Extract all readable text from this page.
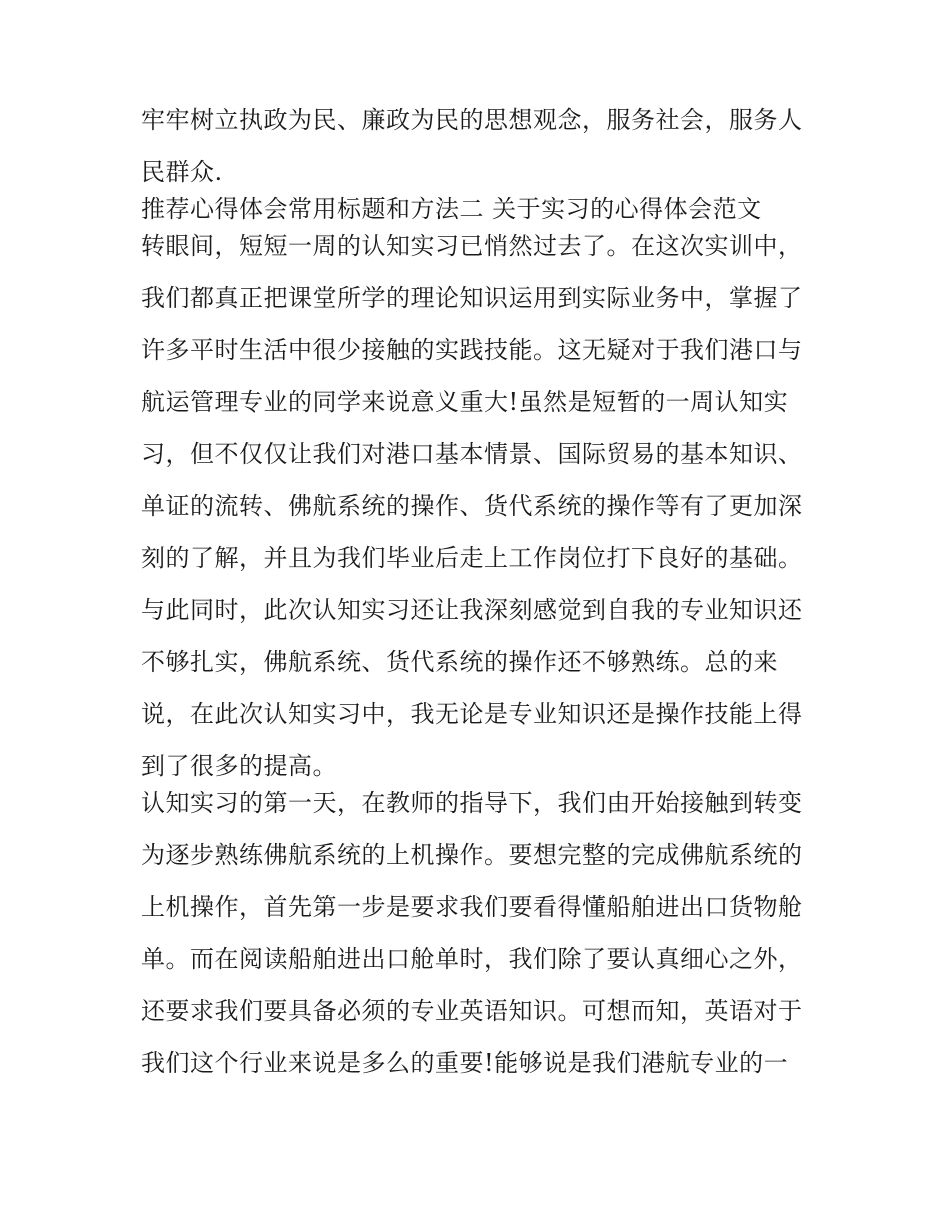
牢牢树立执政为民、廉政为民的思想观念，服务社会，服务人

民群众.

推荐心得体会常用标题和方法二 关于实习的心得体会范文

转眼间，短短一周的认知实习已悄然过去了。在这次实训中，

我们都真正把课堂所学的理论知识运用到实际业务中，掌握了

许多平时生活中很少接触的实践技能。这无疑对于我们港口与

航运管理专业的同学来说意义重大!虽然是短暂的一周认知实

习，但不仅仅让我们对港口基本情景、国际贸易的基本知识、

单证的流转、佛航系统的操作、货代系统的操作等有了更加深

刻的了解，并且为我们毕业后走上工作岗位打下良好的基础。

与此同时，此次认知实习还让我深刻感觉到自我的专业知识还

不够扎实，佛航系统、货代系统的操作还不够熟练。总的来

说，在此次认知实习中，我无论是专业知识还是操作技能上得

到了很多的提高。

认知实习的第一天，在教师的指导下，我们由开始接触到转变

为逐步熟练佛航系统的上机操作。要想完整的完成佛航系统的

上机操作，首先第一步是要求我们要看得懂船舶进出口货物舱

单。而在阅读船舶进出口舱单时，我们除了要认真细心之外，

还要求我们要具备必须的专业英语知识。可想而知，英语对于

我们这个行业来说是多么的重要!能够说是我们港航专业的一
